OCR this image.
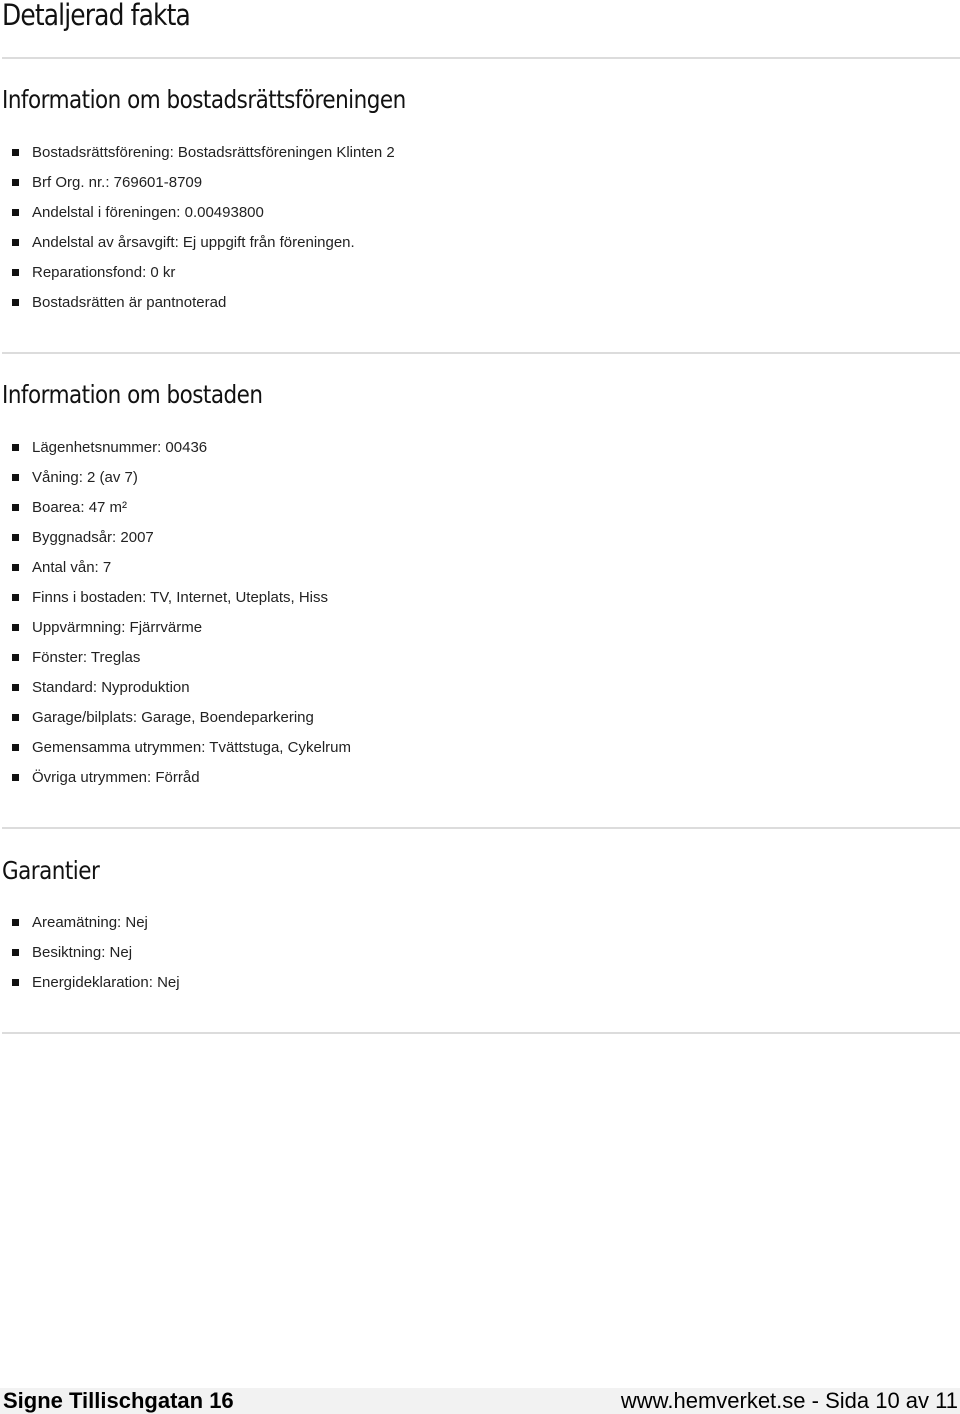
Detaljerad fakta
Information om bostadsrättsföreningen
Bostadsrättsförening: Bostadsrättsföreningen Klinten 2
Brf Org. nr.: 769601-8709
Andelstal i föreningen: 0.00493800
Andelstal av årsavgift: Ej uppgift från föreningen.
Reparationsfond: 0 kr
Bostadsrätten är pantnoterad
Information om bostaden
Lägenhetsnummer: 00436
Våning: 2 (av 7)
Boarea: 47 m²
Byggnadsår: 2007
Antal vån: 7
Finns i bostaden: TV, Internet, Uteplats, Hiss
Uppvärmning: Fjärrvärme
Fönster: Treglas
Standard: Nyproduktion
Garage/bilplats: Garage, Boendeparkering
Gemensamma utrymmen: Tvättstuga, Cykelrum
Övriga utrymmen: Förråd
Garantier
Areamätning: Nej
Besiktning: Nej
Energideklaration: Nej
Signe Tillischgatan 16	www.hemverket.se - Sida 10 av 11
